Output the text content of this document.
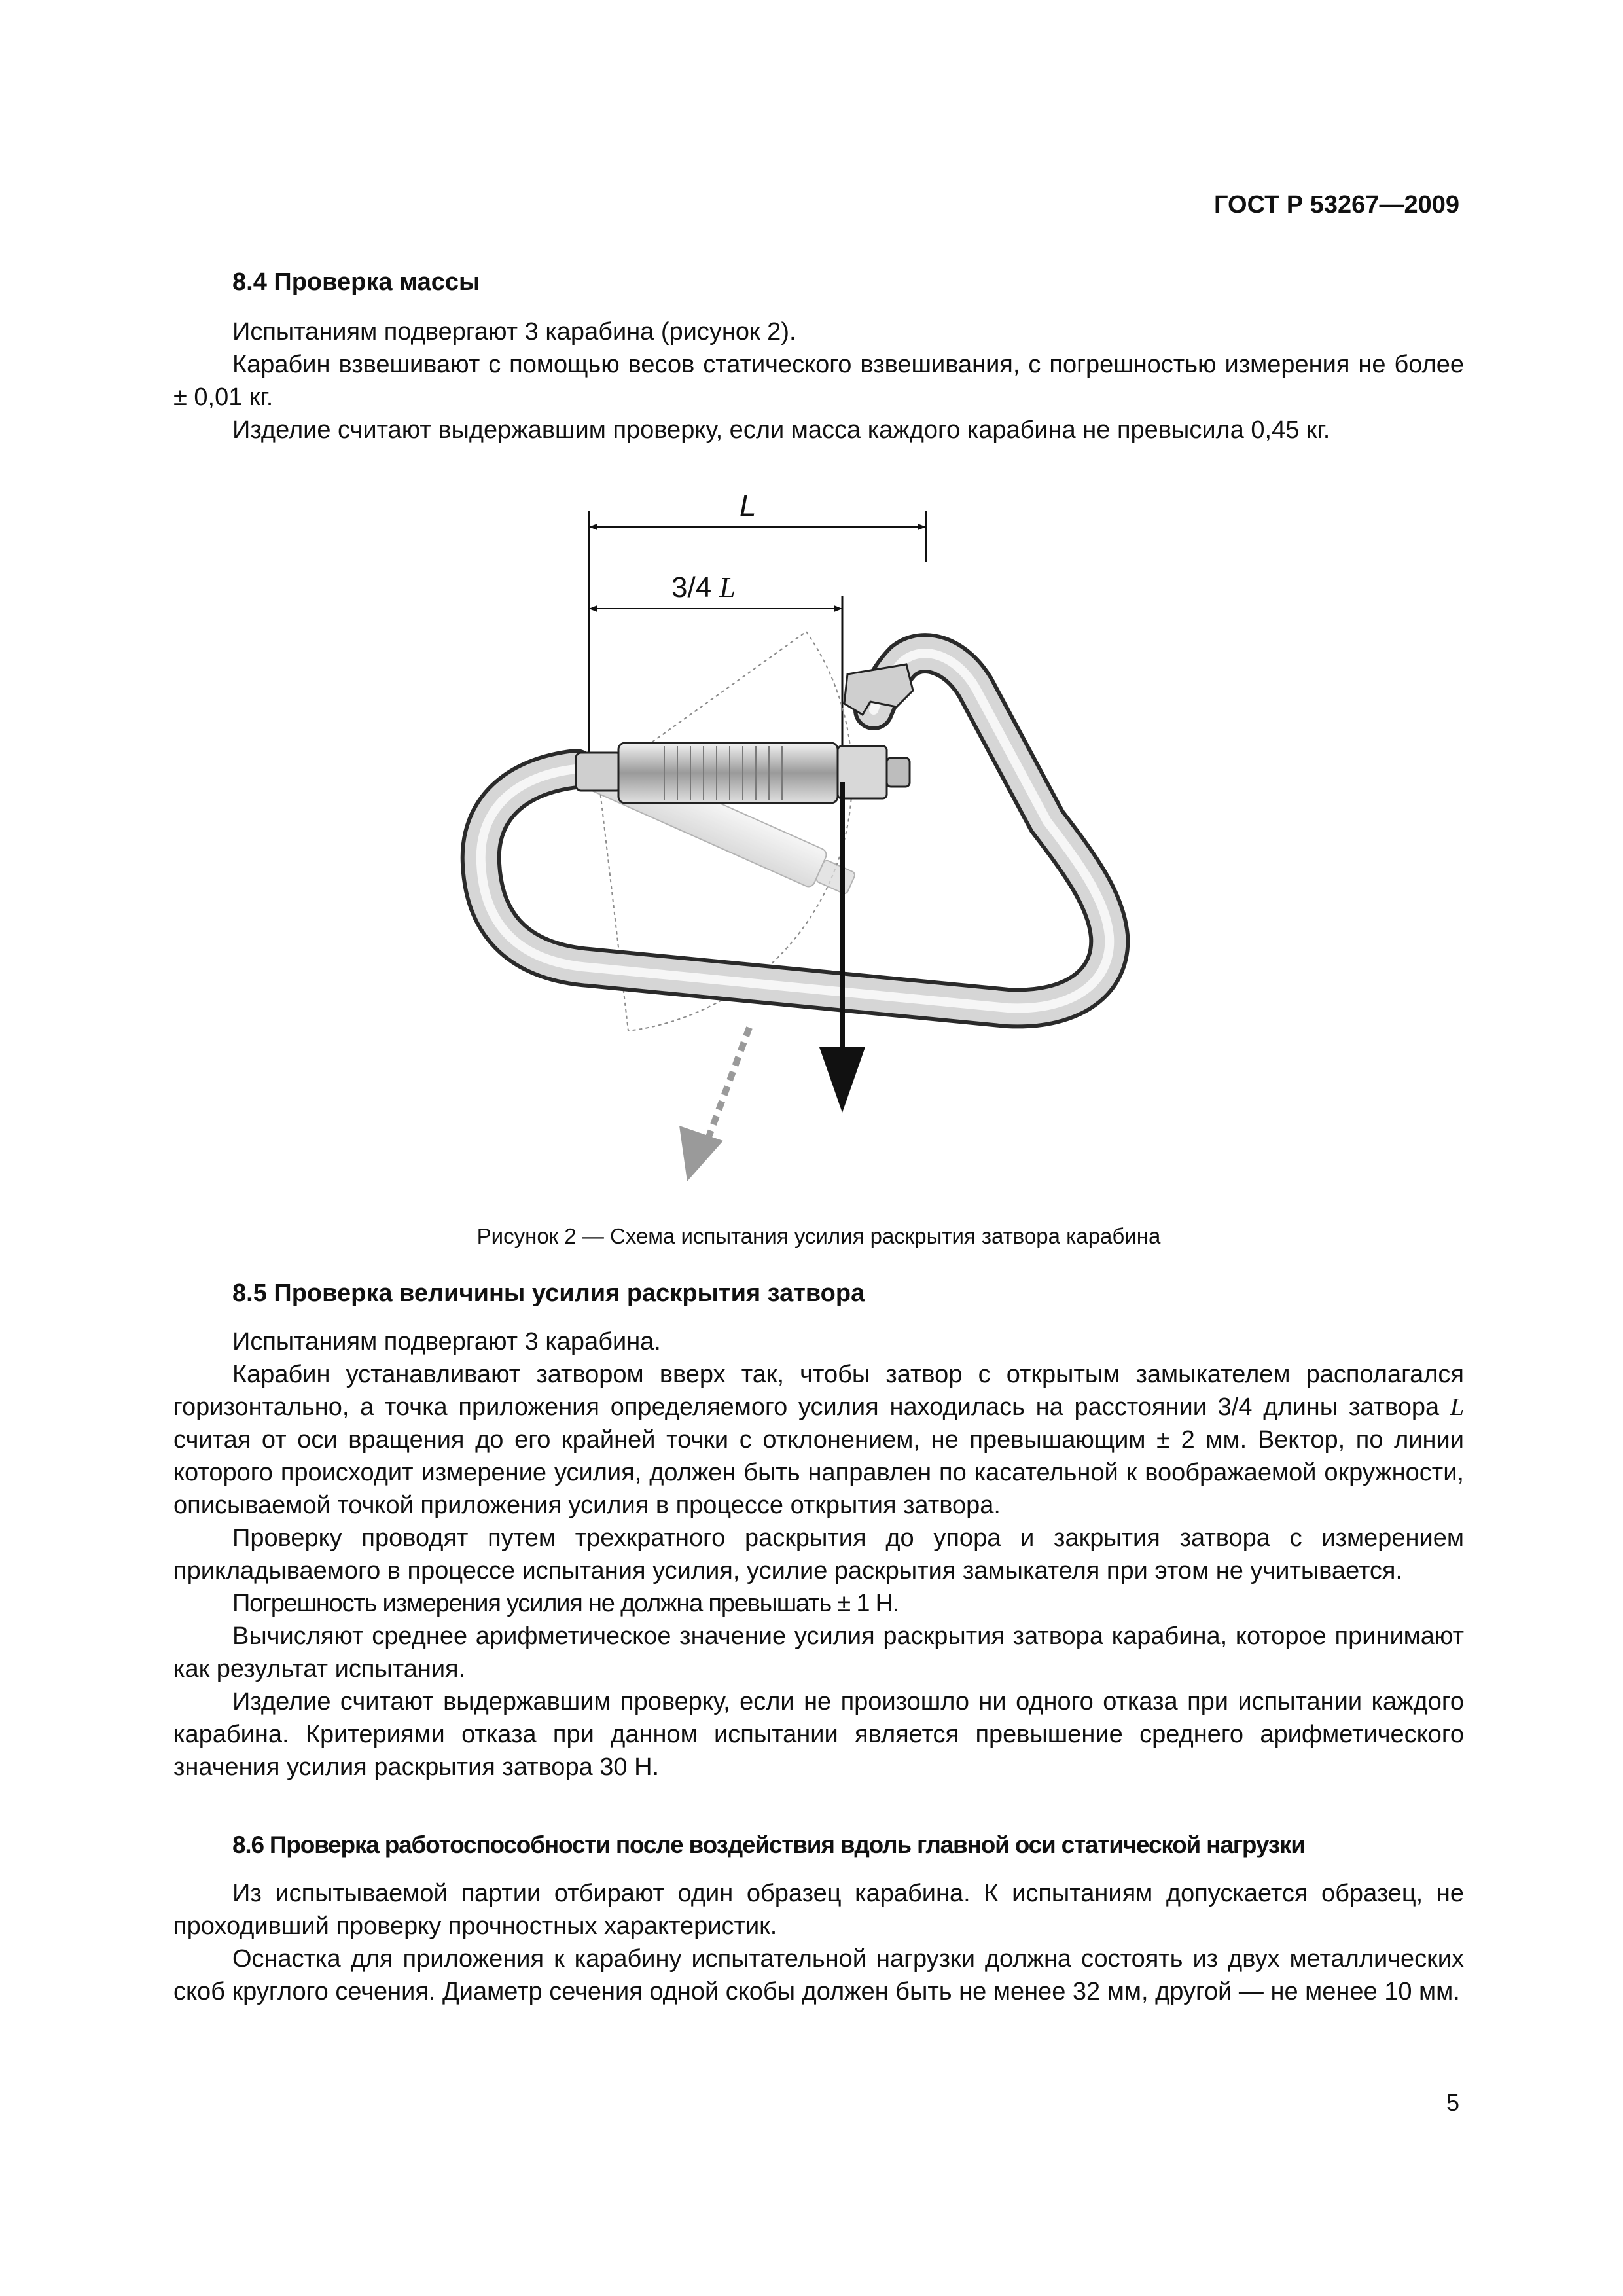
ГОСТ Р 53267—2009
8.4 Проверка массы
Испытаниям подвергают 3 карабина (рисунок 2).
Карабин взвешивают с помощью весов статического взвешивания, с погрешностью измерения не более ± 0,01 кг.
Изделие считают выдержавшим проверку, если масса каждого карабина не превысила 0,45 кг.
L
3/4 L
Рисунок 2 — Схема испытания усилия раскрытия затвора карабина
8.5 Проверка величины усилия раскрытия затвора
Испытаниям подвергают 3 карабина.
Карабин устанавливают затвором вверх так, чтобы затвор с открытым замыкателем располагался горизонтально, а точка приложения определяемого усилия находилась на расстоянии 3/4 длины затвора L считая от оси вращения до его крайней точки с отклонением, не превышающим ± 2 мм. Вектор, по линии которого происходит измерение усилия, должен быть направлен по касательной к воображаемой окружности, описываемой точкой приложения усилия в процессе открытия затвора.
Проверку проводят путем трехкратного раскрытия до упора и закрытия затвора с измерением прикладываемого в процессе испытания усилия, усилие раскрытия замыкателя при этом не учитывается.
Погрешность измерения усилия не должна превышать ± 1 Н.
Вычисляют среднее арифметическое значение усилия раскрытия затвора карабина, которое принимают как результат испытания.
Изделие считают выдержавшим проверку, если не произошло ни одного отказа при испытании каждого карабина. Критериями отказа при данном испытании является превышение среднего арифметического значения усилия раскрытия затвора 30 Н.
8.6 Проверка работоспособности после воздействия вдоль главной оси статической нагрузки
Из испытываемой партии отбирают один образец карабина. К испытаниям допускается образец, не проходивший проверку прочностных характеристик.
Оснастка для приложения к карабину испытательной нагрузки должна состоять из двух металлических скоб круглого сечения. Диаметр сечения одной скобы должен быть не менее 32 мм, другой — не менее 10 мм.
5
